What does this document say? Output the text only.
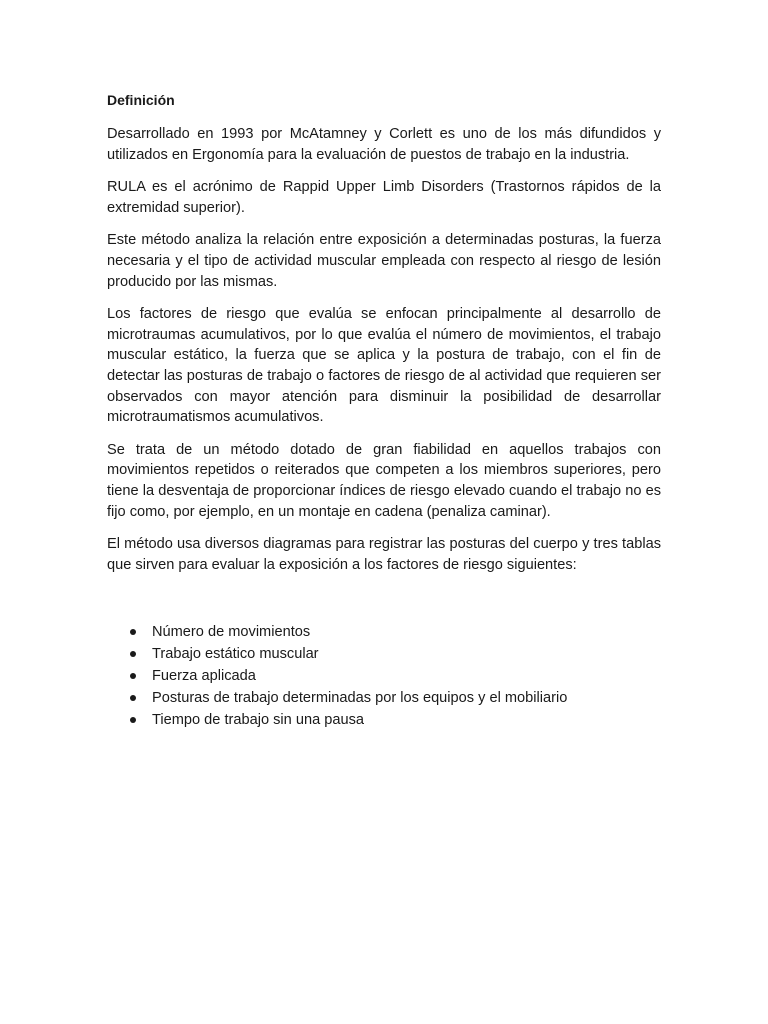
Definición

Desarrollado en 1993 por McAtamney y Corlett es uno de los más difundidos y utilizados en Ergonomía para la evaluación de puestos de trabajo en la industria.

RULA es el acrónimo de Rappid Upper Limb Disorders (Trastornos rápidos de la extremidad superior).

Este método analiza la relación entre exposición a determinadas posturas, la fuerza necesaria y el tipo de actividad muscular empleada con respecto al riesgo de lesión producido por las mismas.

Los factores de riesgo que evalúa se enfocan principalmente al desarrollo de microtraumas acumulativos, por lo que evalúa el número de movimientos, el trabajo muscular estático, la fuerza que se aplica y la postura de trabajo, con el fin de detectar las posturas de trabajo o factores de riesgo de al actividad que requieren ser observados con mayor atención para disminuir la posibilidad de desarrollar microtraumatismos acumulativos.

Se trata de un método dotado de gran fiabilidad en aquellos trabajos con movimientos repetidos o reiterados que competen a los miembros superiores, pero tiene la desventaja de proporcionar índices de riesgo elevado cuando el trabajo no es fijo como, por ejemplo, en un montaje en cadena (penaliza caminar).

El método usa diversos diagramas para registrar las posturas del cuerpo y tres tablas que sirven para evaluar la exposición a los factores de riesgo siguientes:

Número de movimientos
Trabajo estático muscular
Fuerza aplicada
Posturas de trabajo determinadas por los equipos y el mobiliario
Tiempo de trabajo sin una pausa
